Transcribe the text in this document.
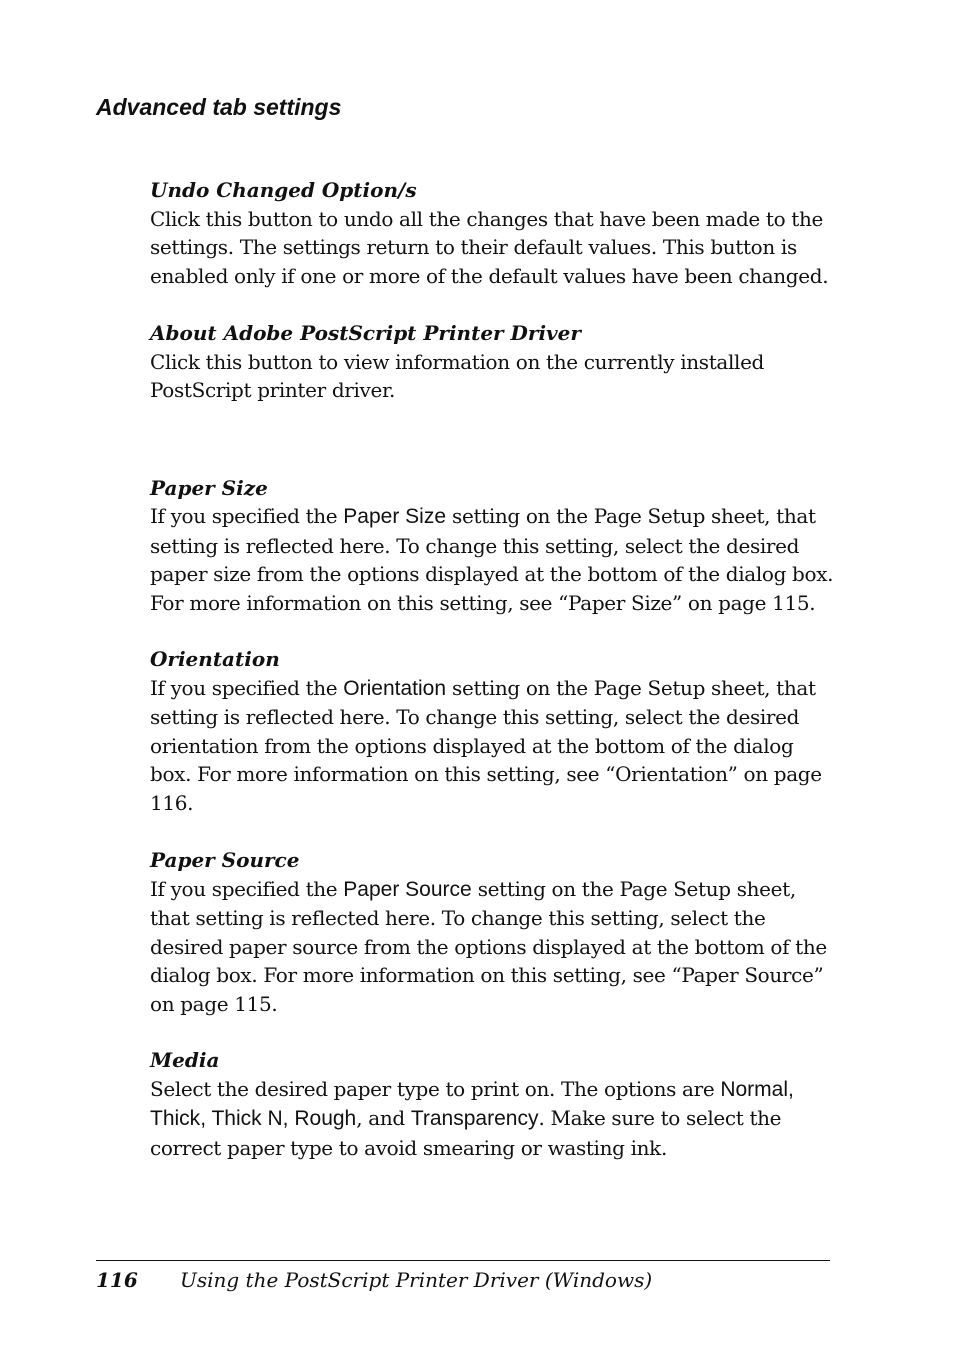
Advanced tab settings
Undo Changed Option/s

Click this button to undo all the changes that have been made to the settings. The settings return to their default values. This button is enabled only if one or more of the default values have been changed.

About Adobe PostScript Printer Driver

Click this button to view information on the currently installed PostScript printer driver.

Paper Size

If you specified the Paper Size setting on the Page Setup sheet, that setting is reflected here. To change this setting, select the desired paper size from the options displayed at the bottom of the dialog box. For more information on this setting, see “Paper Size” on page 115.

Orientation

If you specified the Orientation setting on the Page Setup sheet, that setting is reflected here. To change this setting, select the desired orientation from the options displayed at the bottom of the dialog box. For more information on this setting, see “Orientation” on page 116.

Paper Source

If you specified the Paper Source setting on the Page Setup sheet, that setting is reflected here. To change this setting, select the desired paper source from the options displayed at the bottom of the dialog box. For more information on this setting, see “Paper Source” on page 115.

Media

Select the desired paper type to print on. The options are Normal, Thick, Thick N, Rough, and Transparency. Make sure to select the correct paper type to avoid smearing or wasting ink.

116 Using the PostScript Printer Driver (Windows)
